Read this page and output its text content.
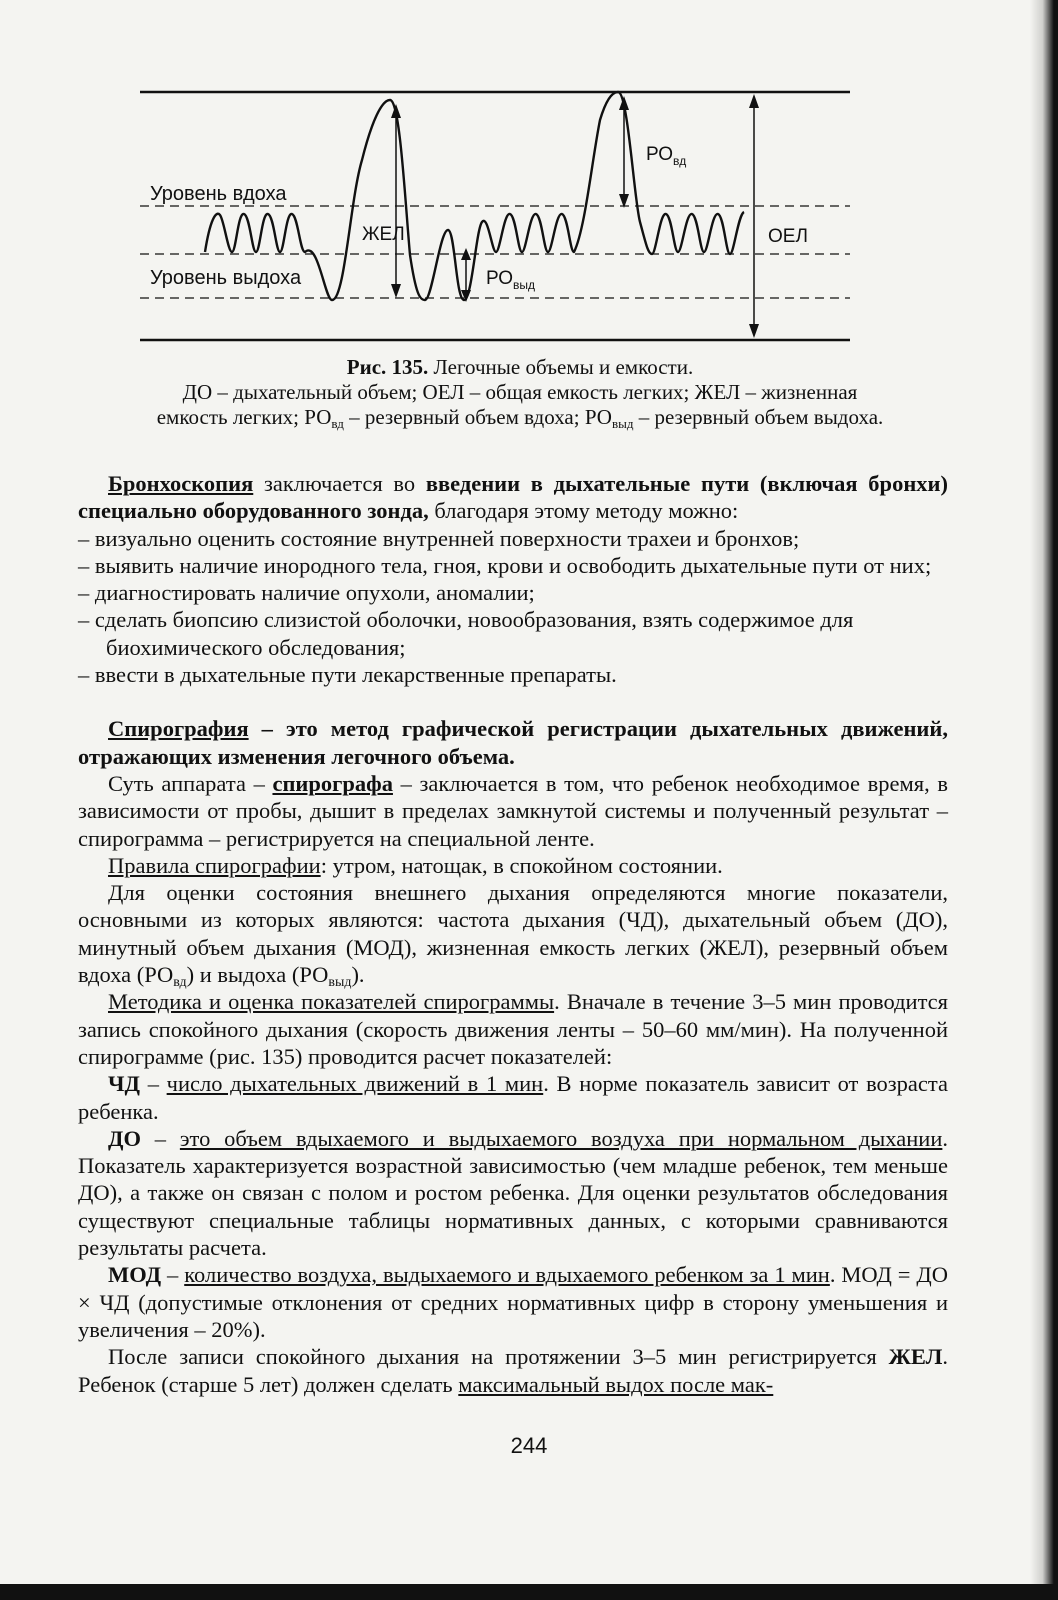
Уровень вдоха
Уровень выдоха
ЖЕЛ
$РО_{вд}$
$РО_{выд}$
ОЕЛ
Рис. 135. Легочные объемы и емкости.
ДО – дыхательный объем; ОЕЛ – общая емкость легких; ЖЕЛ – жизненная
емкость легких; $РО_{вд}$ – резервный объем вдоха; $РО_{выд}$ – резервный объем выдоха.

Бронхоскопия заключается во введении в дыхательные пути (включая бронхи) специально оборудованного зонда, благодаря этому методу можно:

– визуально оценить состояние внутренней поверхности трахеи и бронхов;

– выявить наличие инородного тела, гноя, крови и освободить дыхательные пути от них;

– диагностировать наличие опухоли, аномалии;

– сделать биопсию слизистой оболочки, новообразования, взять содержимое для биохимического обследования;

– ввести в дыхательные пути лекарственные препараты.

Спирография – это метод графической регистрации дыхательных движений, отражающих изменения легочного объема.

Суть аппарата – спирографа – заключается в том, что ребенок необходимое время, в зависимости от пробы, дышит в пределах замкнутой системы и полученный результат – спирограмма – регистрируется на специальной ленте.

Правила спирографии: утром, натощак, в спокойном состоянии.

Для оценки состояния внешнего дыхания определяются многие показатели, основными из которых являются: частота дыхания (ЧД), дыхательный объем (ДО), минутный объем дыхания (МОД), жизненная емкость легких (ЖЕЛ), резервный объем вдоха $(РО_{вд})$ и выдоха $(РО_{выд})$.

Методика и оценка показателей спирограммы. Вначале в течение 3–5 мин проводится запись спокойного дыхания (скорость движения ленты – 50–60 мм/мин). На полученной спирограмме (рис. 135) проводится расчет показателей:

ЧД – число дыхательных движений в 1 мин. В норме показатель зависит от возраста ребенка.

ДО – это объем вдыхаемого и выдыхаемого воздуха при нормальном дыхании. Показатель характеризуется возрастной зависимостью (чем младше ребенок, тем меньше ДО), а также он связан с полом и ростом ребенка. Для оценки результатов обследования существуют специальные таблицы нормативных данных, с которыми сравниваются результаты расчета.

МОД – количество воздуха, выдыхаемого и вдыхаемого ребенком за 1 мин. МОД = ДО × ЧД (допустимые отклонения от средних нормативных цифр в сторону уменьшения и увеличения – 20%).

После записи спокойного дыхания на протяжении 3–5 мин регистрируется ЖЕЛ. Ребенок (старше 5 лет) должен сделать максимальный выдох после мак-

244
